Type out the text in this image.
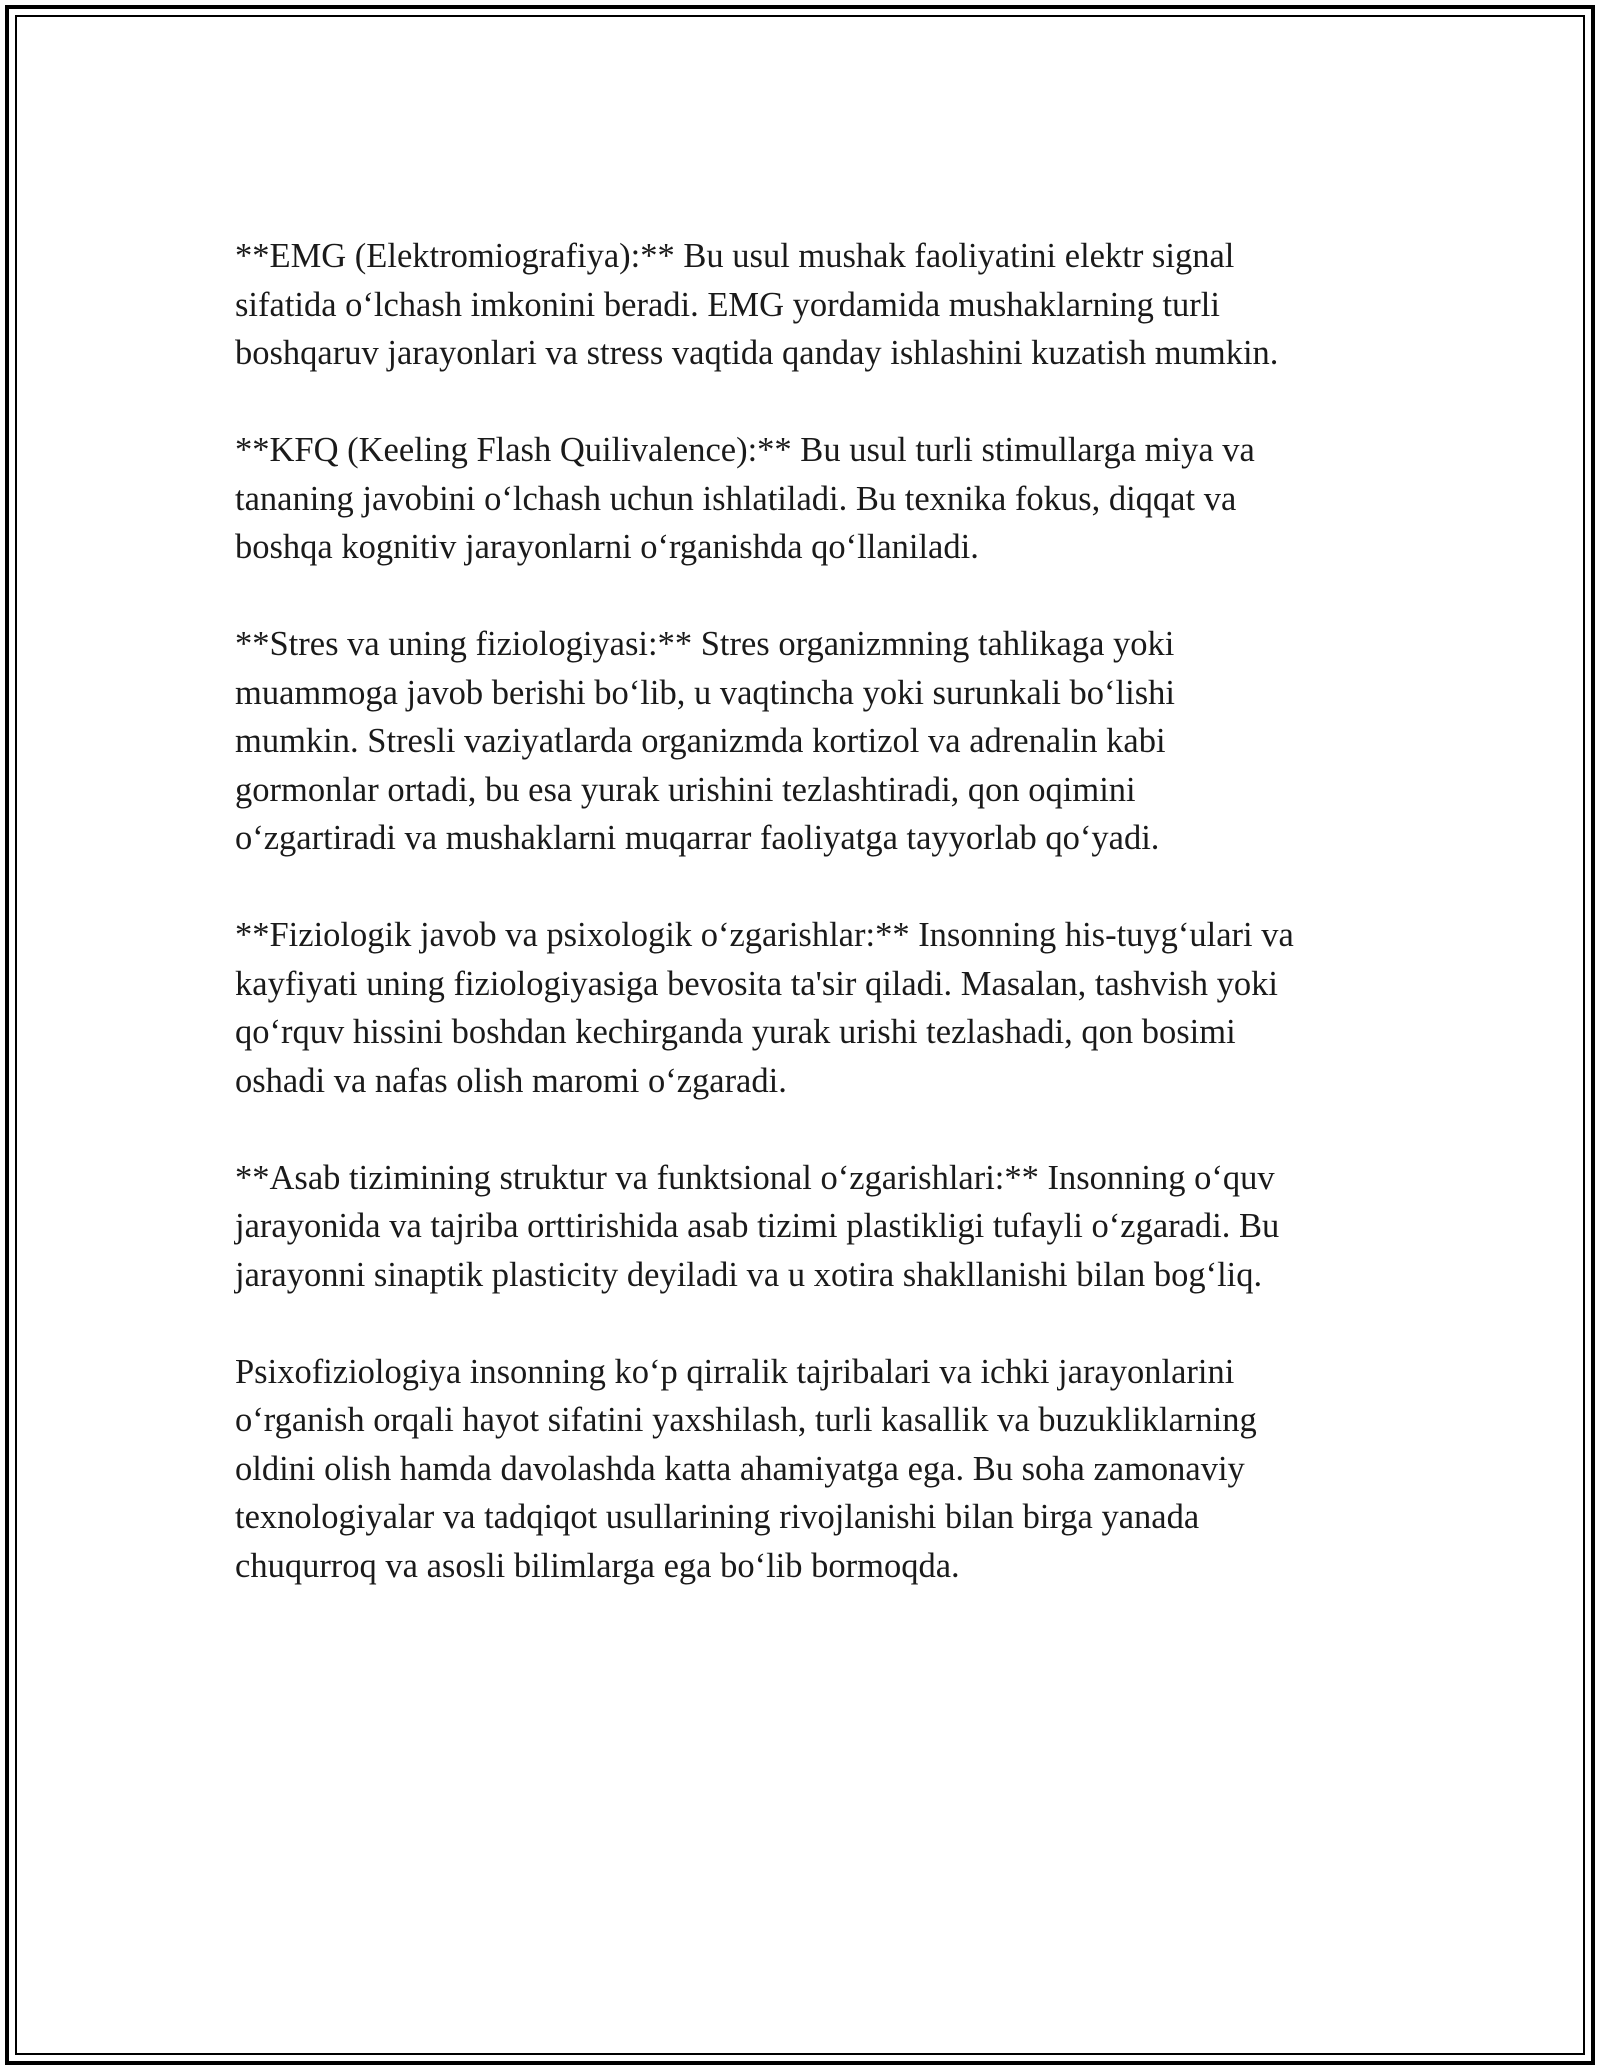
**EMG (Elektromiografiya):** Bu usul mushak faoliyatini elektr signal
sifatida o‘lchash imkonini beradi. EMG yordamida mushaklarning turli
boshqaruv jarayonlari va stress vaqtida qanday ishlashini kuzatish mumkin.
**KFQ (Keeling Flash Quilivalence):** Bu usul turli stimullarga miya va
tananing javobini o‘lchash uchun ishlatiladi. Bu texnika fokus, diqqat va
boshqa kognitiv jarayonlarni o‘rganishda qo‘llaniladi.
**Stres va uning fiziologiyasi:** Stres organizmning tahlikaga yoki
muammoga javob berishi bo‘lib, u vaqtincha yoki surunkali bo‘lishi
mumkin. Stresli vaziyatlarda organizmda kortizol va adrenalin kabi
gormonlar ortadi, bu esa yurak urishini tezlashtiradi, qon oqimini
o‘zgartiradi va mushaklarni muqarrar faoliyatga tayyorlab qo‘yadi.
**Fiziologik javob va psixologik o‘zgarishlar:** Insonning his-tuyg‘ulari va
kayfiyati uning fiziologiyasiga bevosita ta'sir qiladi. Masalan, tashvish yoki
qo‘rquv hissini boshdan kechirganda yurak urishi tezlashadi, qon bosimi
oshadi va nafas olish maromi o‘zgaradi.
**Asab tizimining struktur va funktsional o‘zgarishlari:** Insonning o‘quv
jarayonida va tajriba orttirishida asab tizimi plastikligi tufayli o‘zgaradi. Bu
jarayonni sinaptik plasticity deyiladi va u xotira shakllanishi bilan bog‘liq.
Psixofiziologiya insonning ko‘p qirralik tajribalari va ichki jarayonlarini
o‘rganish orqali hayot sifatini yaxshilash, turli kasallik va buzukliklarning
oldini olish hamda davolashda katta ahamiyatga ega. Bu soha zamonaviy
texnologiyalar va tadqiqot usullarining rivojlanishi bilan birga yanada
chuqurroq va asosli bilimlarga ega bo‘lib bormoqda.
